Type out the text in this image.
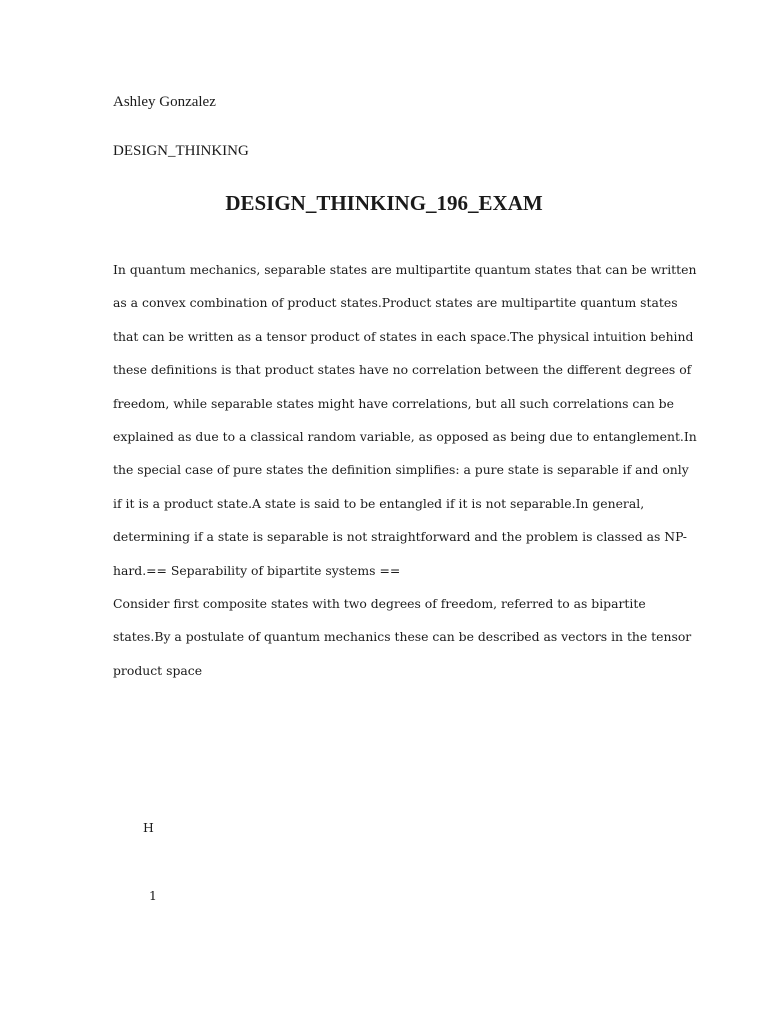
Ashley Gonzalez
DESIGN_THINKING
DESIGN_THINKING_196_EXAM

In quantum mechanics, separable states are multipartite quantum states that can be written
as a convex combination of product states.Product states are multipartite quantum states
that can be written as a tensor product of states in each space.The physical intuition behind
these definitions is that product states have no correlation between the different degrees of
freedom, while separable states might have correlations, but all such correlations can be
explained as due to a classical random variable, as opposed as being due to entanglement.In
the special case of pure states the definition simplifies: a pure state is separable if and only
if it is a product state.A state is said to be entangled if it is not separable.In general,
determining if a state is separable is not straightforward and the problem is classed as NP-
hard.== Separability of bipartite systems ==

Consider first composite states with two degrees of freedom, referred to as bipartite
states.By a postulate of quantum mechanics these can be described as vectors in the tensor
product space

H
1
